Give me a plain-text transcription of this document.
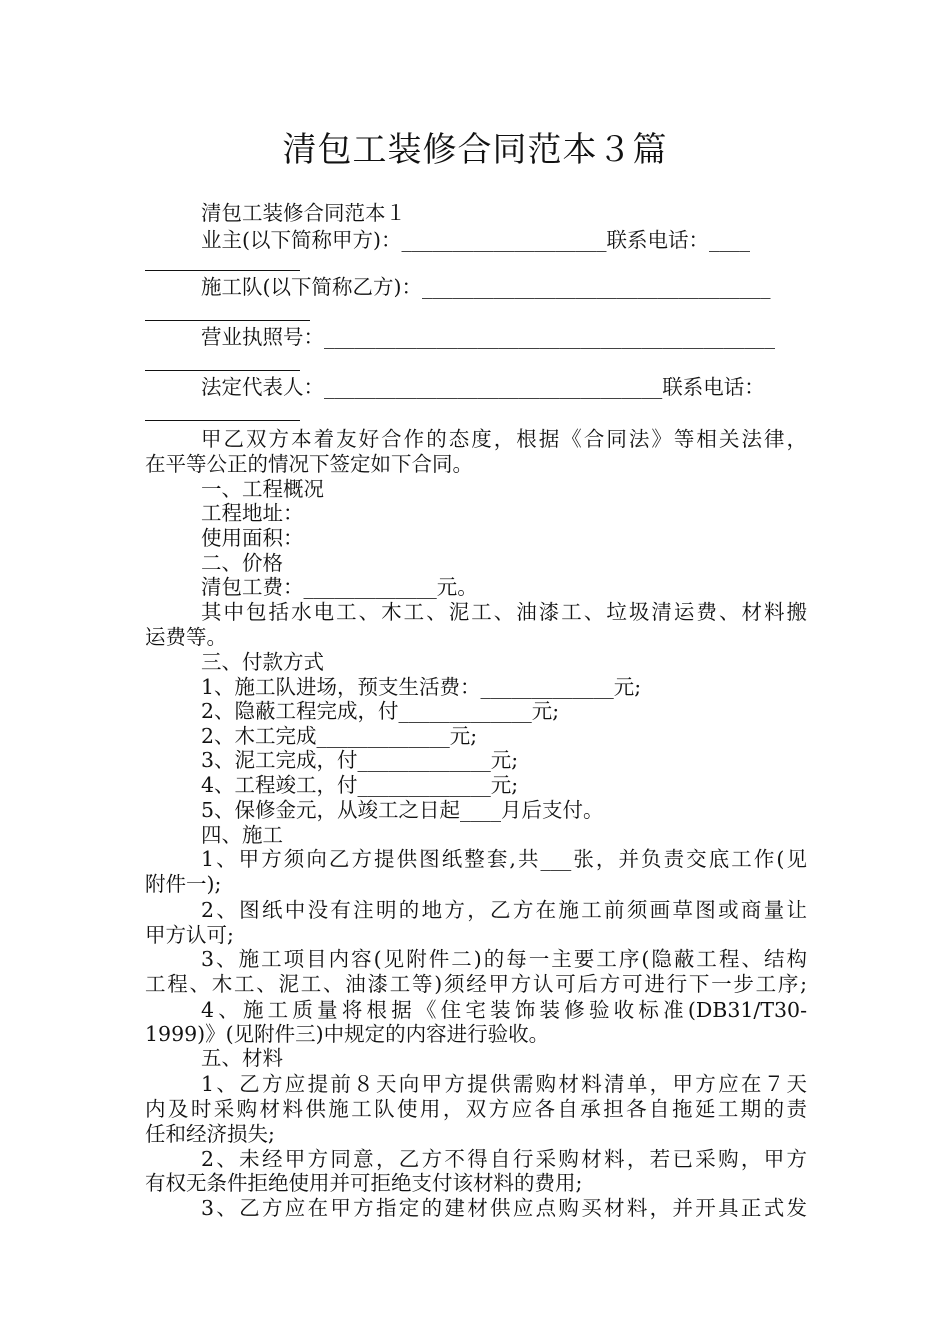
清包工装修合同范本３篇
清包工装修合同范本１
业主(以下简称甲方)：____________________联系电话：____
施工队(以下简称乙方)：__________________________________
营业执照号：____________________________________________
法定代表人：_________________________________联系电话：
甲乙双方本着友好合作的态度，根据《合同法》等相关法律，
在平等公正的情况下签定如下合同。
一、工程概况
工程地址：
使用面积：
二、价格
清包工费：_____________元。
其中包括水电工、木工、泥工、油漆工、垃圾清运费、材料搬
运费等。
三、付款方式
1、施工队进场，预支生活费：_____________元;
2、隐蔽工程完成，付_____________元;
2、木工完成_____________元;
3、泥工完成，付_____________元;
4、工程竣工，付_____________元;
5、保修金元，从竣工之日起____月后支付。
四、施工
1、甲方须向乙方提供图纸整套,共___张，并负责交底工作(见
附件一);
2、图纸中没有注明的地方，乙方在施工前须画草图或商量让
甲方认可;
3、施工项目内容(见附件二)的每一主要工序(隐蔽工程、结构
工程、木工、泥工、油漆工等)须经甲方认可后方可进行下一步工序;
4、施工质量将根据《住宅装饰装修验收标准(DB31/T30-
1999)》(见附件三)中规定的内容进行验收。
五、材料
1、乙方应提前８天向甲方提供需购材料清单，甲方应在７天
内及时采购材料供施工队使用，双方应各自承担各自拖延工期的责
任和经济损失;
2、未经甲方同意，乙方不得自行采购材料，若已采购，甲方
有权无条件拒绝使用并可拒绝支付该材料的费用;
3、乙方应在甲方指定的建材供应点购买材料，并开具正式发
